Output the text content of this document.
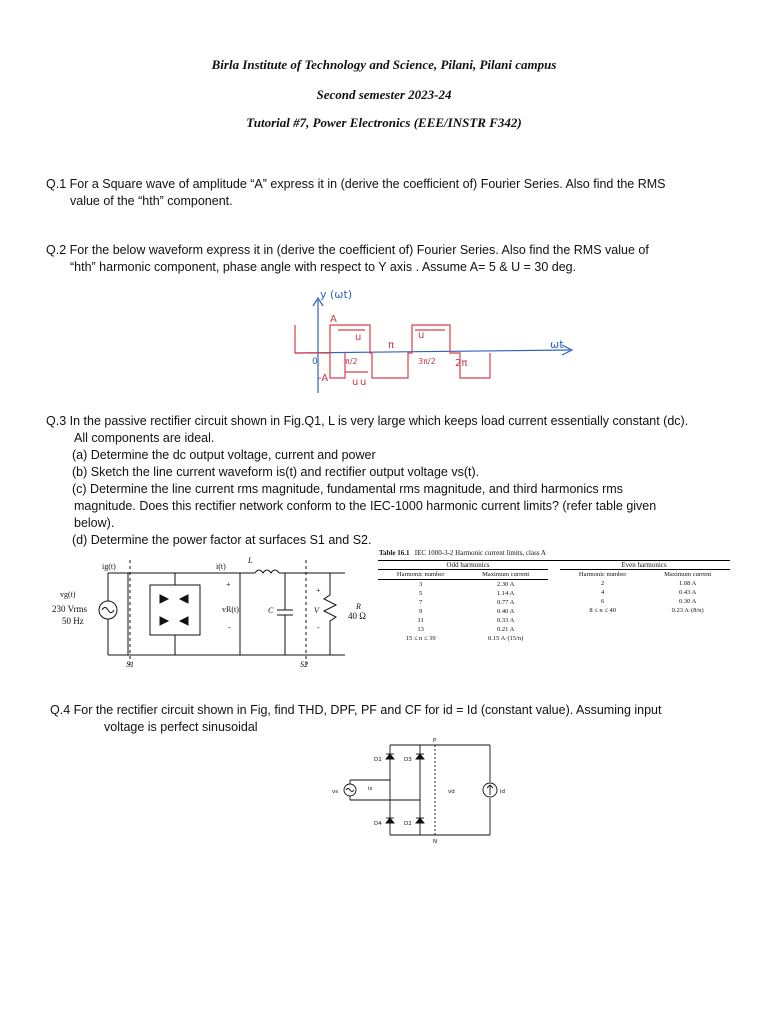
Birla Institute of Technology and Science, Pilani, Pilani campus
Second semester 2023-24
Tutorial #7, Power Electronics (EEE/INSTR F342)
Q.1 For a Square wave of amplitude “A” express it in (derive the coefficient of) Fourier Series. Also find the RMS
value of the “hth” component.
Q.2 For the below waveform express it in (derive the coefficient of) Fourier Series. Also find the RMS value of
“hth” harmonic component, phase angle with respect to Y axis . Assume A= 5 & U = 30 deg.
A
-A
u
π
u
π/2	3π/2 2π
u u
y (ωt)
ωt
0
Q.3 In the passive rectifier circuit shown in Fig.Q1, L is very large which keeps load current essentially constant (dc).
All components are ideal.
(a) Determine the dc output voltage, current and power
(b) Sketch the line current waveform is(t) and rectifier output voltage vs(t).
(c) Determine the line current rms magnitude, fundamental rms magnitude, and third harmonics rms
magnitude. Does this rectifier network conform to the IEC-1000 harmonic current limits? (refer table given
below).
(d) Determine the power factor at surfaces S1 and S2.
ig(t)	i(t)
L
vg(t)
230 Vrms
50 Hz
+
vR(t)
-
C
+
V
-
R
40 Ω
S1	S2
Table 16.1 IEC 1000-3-2 Harmonic current limits, class A
Odd harmonics	Even harmonics
Harmonic number	Maximum current
3	2.30 A
5	1.14 A
7	0.77 A
9	0.40 A
11	0.33 A
13	0.21 A
15 ≤ n ≤ 39	0.15 A·(15/n)
Harmonic number	Maximum current
2	1.08 A
4	0.43 A
6	0.30 A
8 ≤ n ≤ 40	0.23 A·(8/n)
Q.4 For the rectifier circuit shown in Fig, find THD, DPF, PF and CF for id = Id (constant value). Assuming input
voltage is perfect sinusoidal
D1	D3
D4	D2
P
N
vs	is	vd	id
